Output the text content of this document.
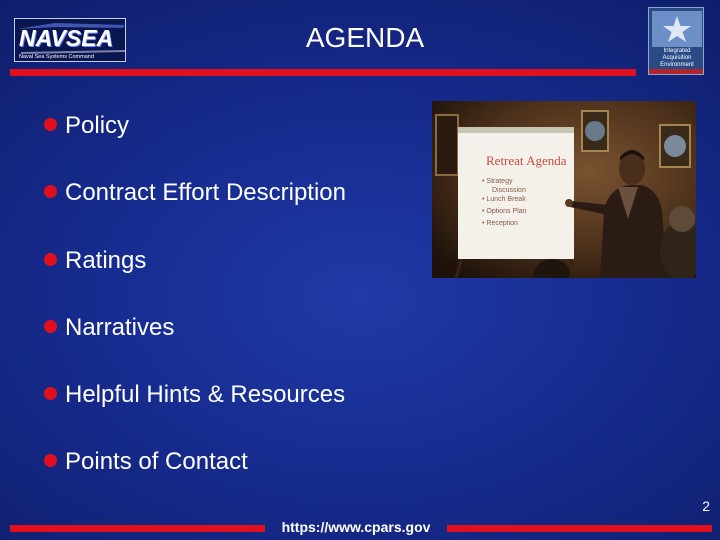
NAVSEA
Naval Sea Systems Command
AGENDA	Integrated Acquisition Environment
Policy
Contract Effort Description
Ratings
Narratives
Helpful Hints & Resources
Points of Contact
Retreat Agenda
• Strategy
Discussion
• Lunch Break
• Options Plan
• Reception
2
https://www.cpars.gov
